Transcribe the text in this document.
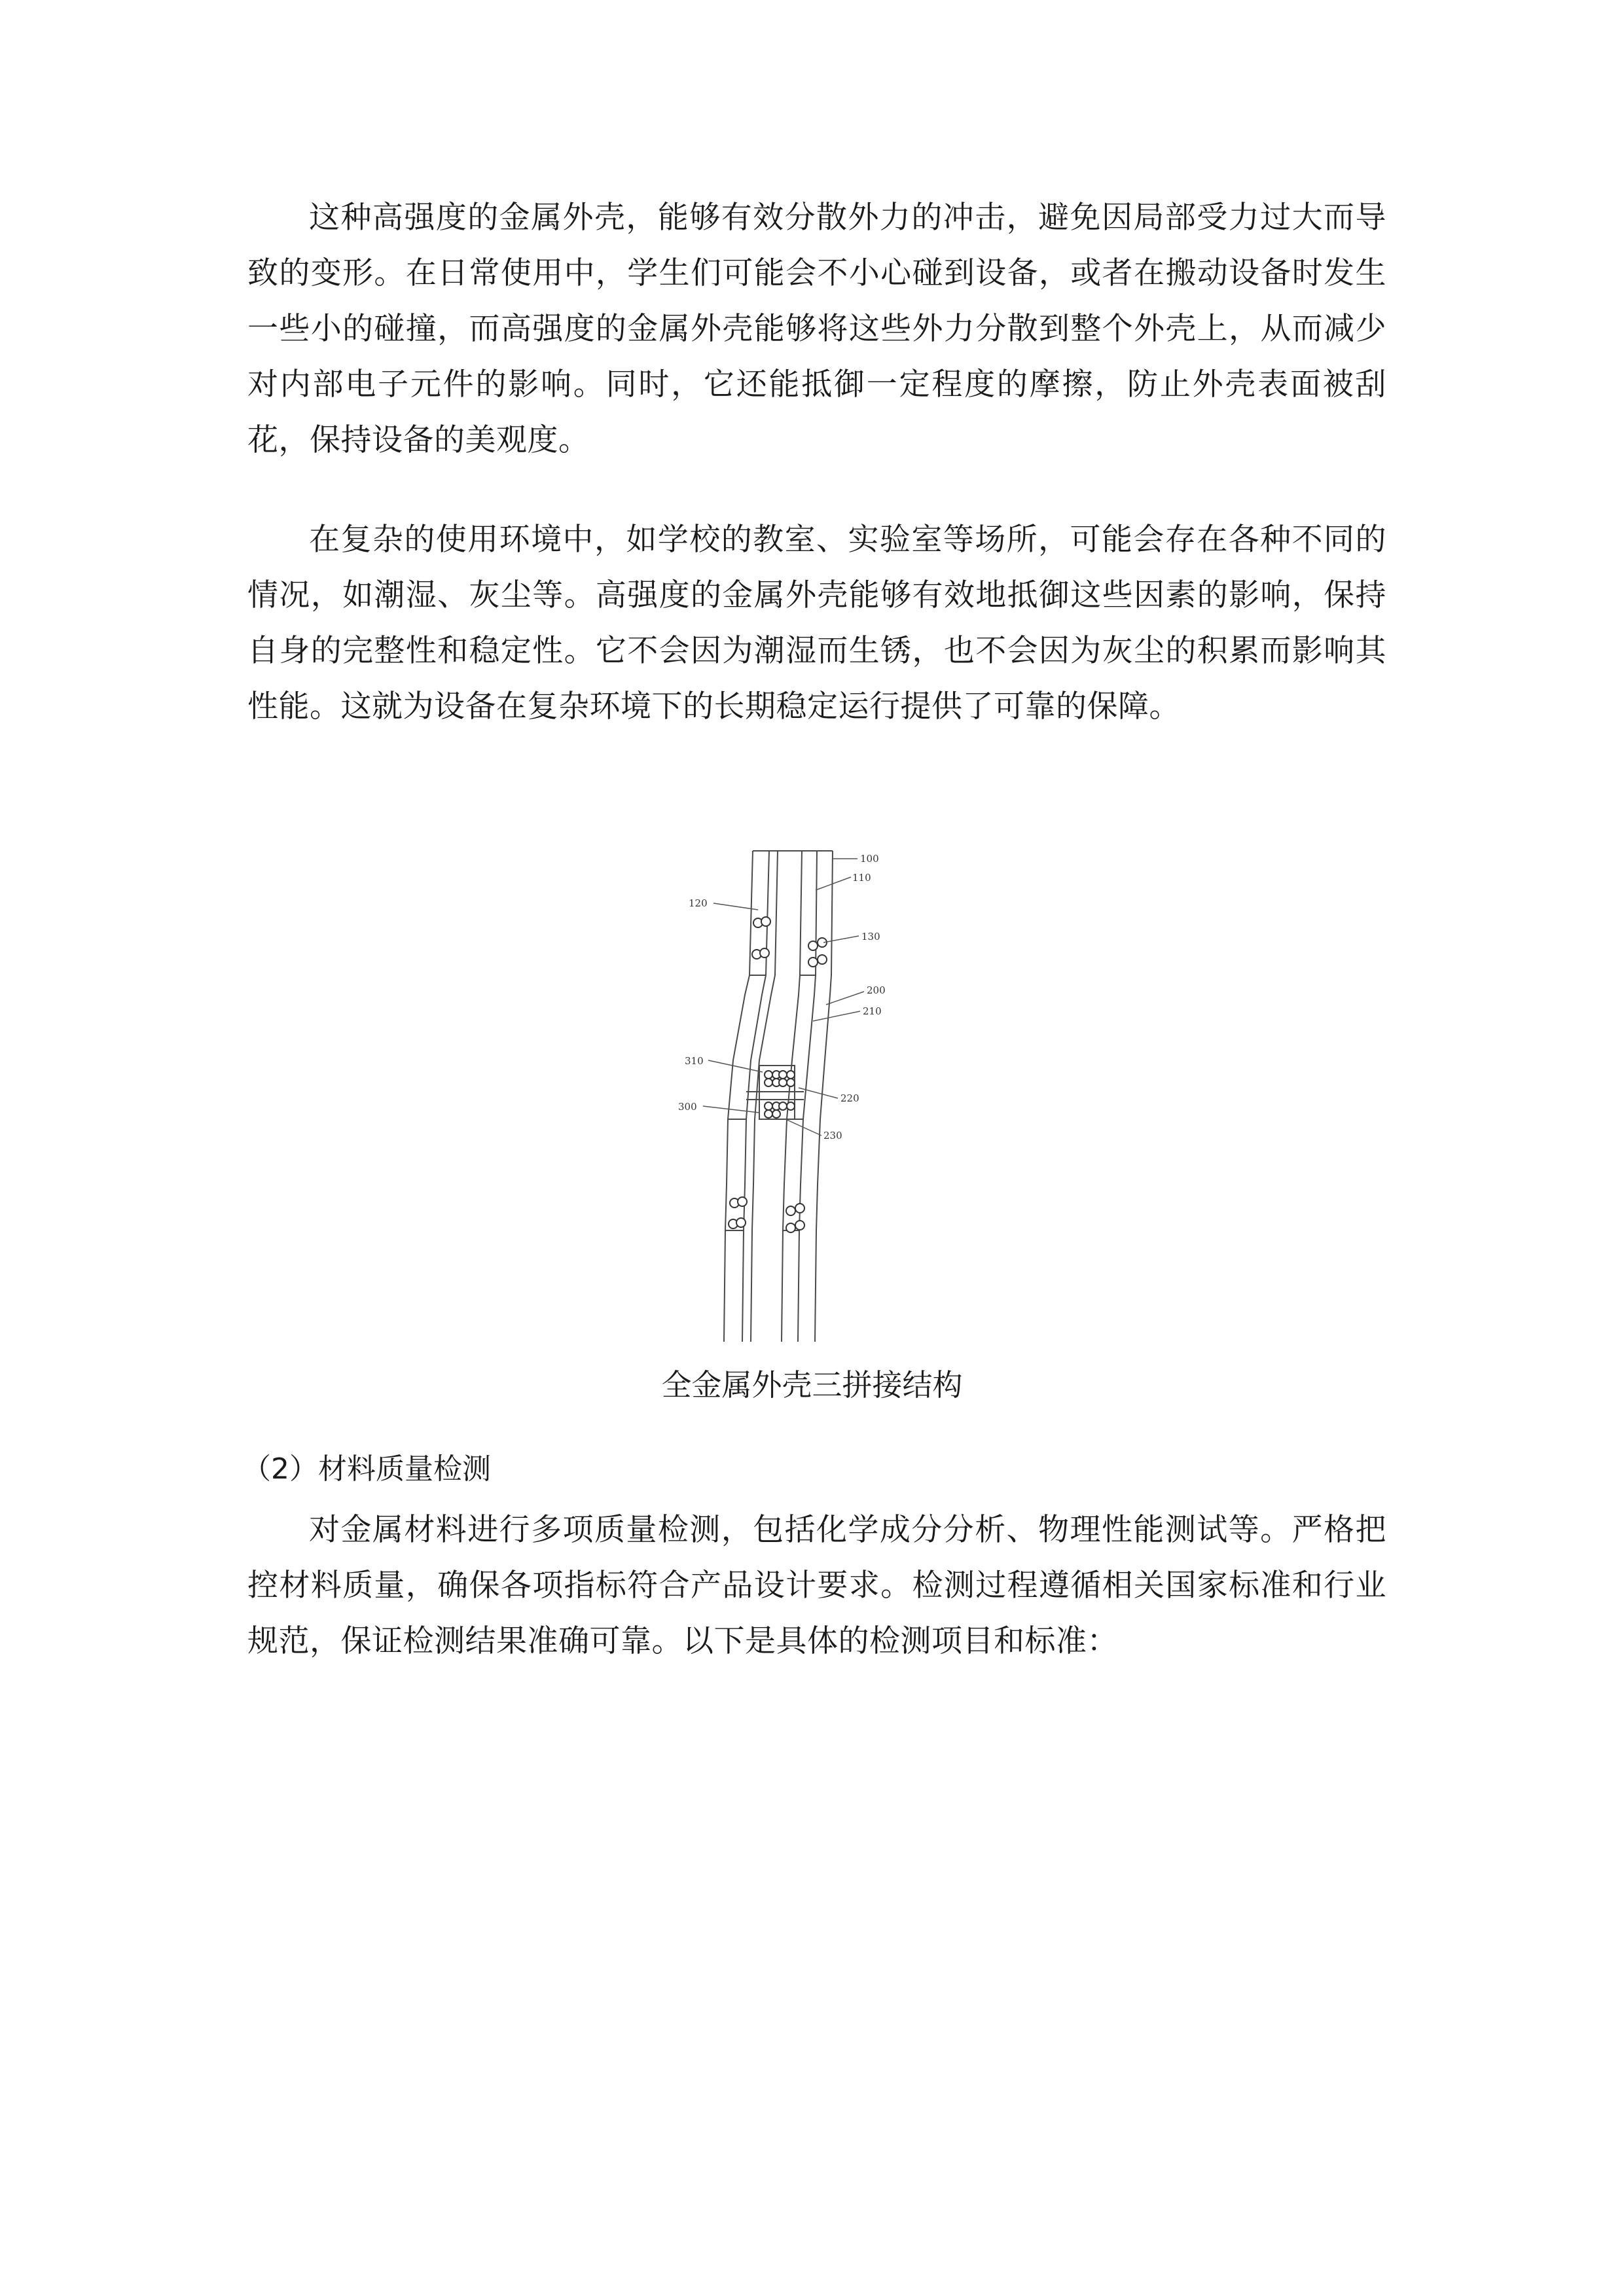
这种高强度的金属外壳，能够有效分散外力的冲击，避免因局部受力过大而导致的变形。在日常使用中，学生们可能会不小心碰到设备，或者在搬动设备时发生一些小的碰撞，而高强度的金属外壳能够将这些外力分散到整个外壳上，从而减少对内部电子元件的影响。同时，它还能抵御一定程度的摩擦，防止外壳表面被刮花，保持设备的美观度。

在复杂的使用环境中，如学校的教室、实验室等场所，可能会存在各种不同的情况，如潮湿、灰尘等。高强度的金属外壳能够有效地抵御这些因素的影响，保持自身的完整性和稳定性。它不会因为潮湿而生锈，也不会因为灰尘的积累而影响其性能。这就为设备在复杂环境下的长期稳定运行提供了可靠的保障。

100
110
120
130
200
210
220
230
300
310

全金属外壳三拼接结构

（2）材料质量检测

对金属材料进行多项质量检测，包括化学成分分析、物理性能测试等。严格把控材料质量，确保各项指标符合产品设计要求。检测过程遵循相关国家标准和行业规范，保证检测结果准确可靠。以下是具体的检测项目和标准：
